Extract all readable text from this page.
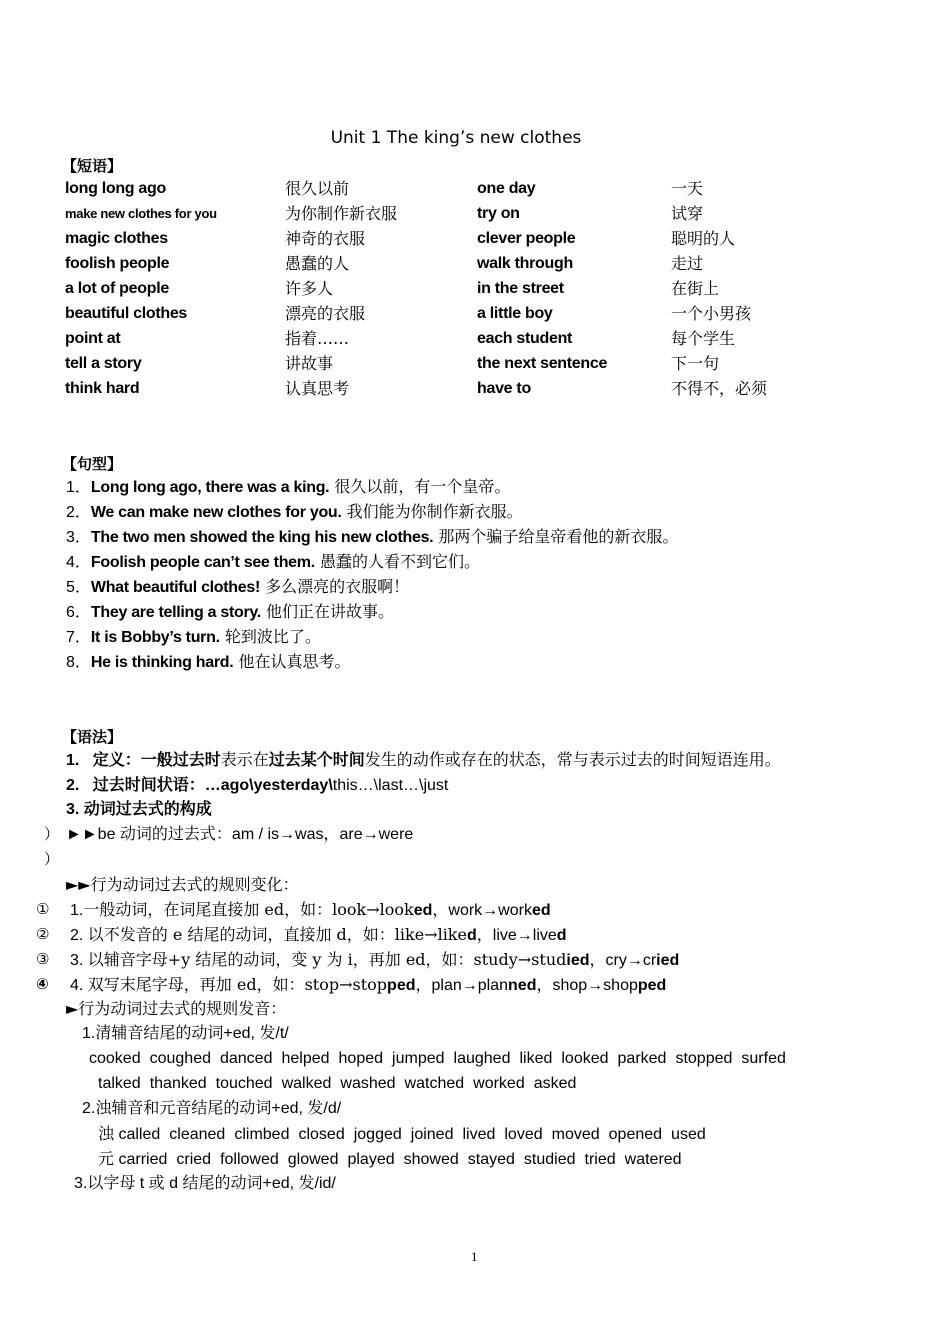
Unit 1 The king’s new clothes
【短语】
long long ago	很久以前	one day	一天
make new clothes for you	为你制作新衣服	try on	试穿
magic clothes	神奇的衣服	clever people	聪明的人
foolish people	愚蠢的人	walk through	走过
a lot of people	许多人	in the street	在街上
beautiful clothes	漂亮的衣服	a little boy	一个小男孩
point at	指着……	each student	每个学生
tell a story	讲故事	the next sentence	下一句
think hard	认真思考	have to	不得不，必须
【句型】
1．Long long ago, there was a king. 很久以前，有一个皇帝。
2．We can make new clothes for you. 我们能为你制作新衣服。
3．The two men showed the king his new clothes. 那两个骗子给皇帝看他的新衣服。
4．Foolish people can’t see them. 愚蠢的人看不到它们。
5．What beautiful clothes! 多么漂亮的衣服啊！
6．They are telling a story. 他们正在讲故事。
7．It is Bobby’s turn. 轮到波比了。
8．He is thinking hard. 他在认真思考。
【语法】
1. 定义：一般过去时表示在过去某个时间发生的动作或存在的状态，常与表示过去的时间短语连用。
2. 过去时间状语：…ago\yesterday\this…\last…\just
3. 动词过去式的构成
） ►►be 动词的过去式：am / is→was，are→were
）
►►行为动词过去式的规则变化：
① 1.一般动词，在词尾直接加 ed，如：look→looked，work→worked
② 2. 以不发音的 e 结尾的动词，直接加 d，如：like→liked，live→lived
③ 3. 以辅音字母+y 结尾的动词，变 y 为 i，再加 ed，如：study→studied，cry→cried
④ 4. 双写末尾字母，再加 ed，如：stop→stopped，plan→planned，shop→shopped
►行为动词过去式的规则发音：
1.清辅音结尾的动词+ed, 发/t/
cooked coughed danced helped hoped jumped laughed liked looked parked stopped surfed
talked thanked touched walked washed watched worked asked
2.浊辅音和元音结尾的动词+ed, 发/d/
浊 called cleaned climbed closed jogged joined lived loved moved opened used
元 carried cried followed glowed played showed stayed studied tried watered
3.以字母 t 或 d 结尾的动词+ed, 发/id/
1
